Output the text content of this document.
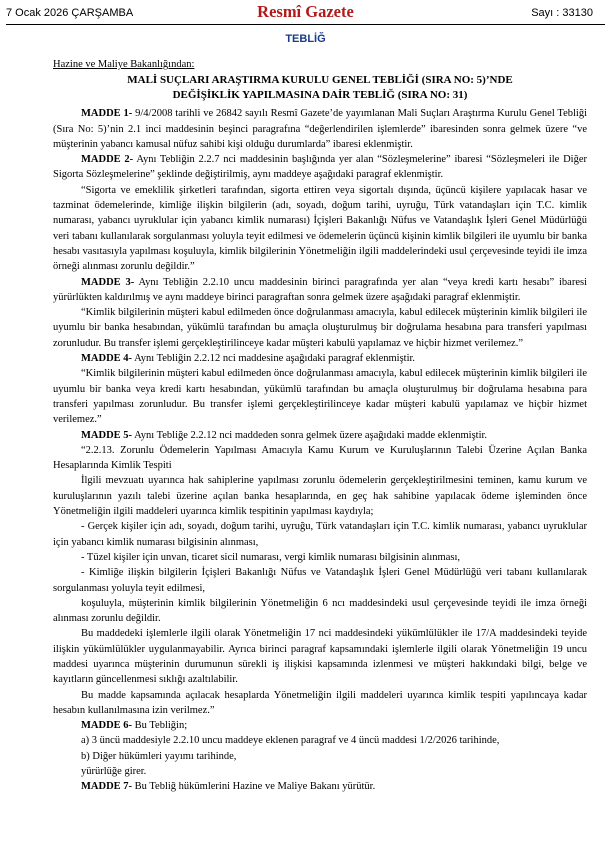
7 Ocak 2026 ÇARŞAMBA	Resmî Gazete	Sayı : 33130
TEBLİĞ

Hazine ve Maliye Bakanlığından:

MALİ SUÇLARI ARAŞTIRMA KURULU GENEL TEBLİĞİ (SIRA NO: 5)’NDE
DEĞİŞİKLİK YAPILMASINA DAİR TEBLİĞ (SIRA NO: 31)

MADDE 1- 9/4/2008 tarihli ve 26842 sayılı Resmî Gazete’de yayımlanan Mali Suçları Araştırma Kurulu Genel Tebliği (Sıra No: 5)’nin 2.1 inci maddesinin beşinci paragrafına “değerlendirilen işlemlerde” ibaresinden sonra gelmek üzere “ve müşterinin yabancı kamusal nüfuz sahibi kişi olduğu durumlarda” ibaresi eklenmiştir.

MADDE 2- Aynı Tebliğin 2.2.7 nci maddesinin başlığında yer alan “Sözleşmelerine” ibaresi “Sözleşmeleri ile Diğer Sigorta Sözleşmelerine” şeklinde değiştirilmiş, aynı maddeye aşağıdaki paragraf eklenmiştir.

“Sigorta ve emeklilik şirketleri tarafından, sigorta ettiren veya sigortalı dışında, üçüncü kişilere yapılacak hasar ve tazminat ödemelerinde, kimliğe ilişkin bilgilerin (adı, soyadı, doğum tarihi, uyruğu, Türk vatandaşları için T.C. kimlik numarası, yabancı uyruklular için yabancı kimlik numarası) İçişleri Bakanlığı Nüfus ve Vatandaşlık İşleri Genel Müdürlüğü veri tabanı kullanılarak sorgulanması yoluyla teyit edilmesi ve ödemelerin üçüncü kişinin kimlik bilgileri ile uyumlu bir banka hesabı vasıtasıyla yapılması koşuluyla, kimlik bilgilerinin Yönetmeliğin ilgili maddelerindeki usul çerçevesinde teyidi ile imza örneği alınması zorunlu değildir.”

MADDE 3- Aynı Tebliğin 2.2.10 uncu maddesinin birinci paragrafında yer alan “veya kredi kartı hesabı” ibaresi yürürlükten kaldırılmış ve aynı maddeye birinci paragraftan sonra gelmek üzere aşağıdaki paragraf eklenmiştir.

“Kimlik bilgilerinin müşteri kabul edilmeden önce doğrulanması amacıyla, kabul edilecek müşterinin kimlik bilgileri ile uyumlu bir banka hesabından, yükümlü tarafından bu amaçla oluşturulmuş bir doğrulama hesabına para transferi yapılması zorunludur. Bu transfer işlemi gerçekleştirilinceye kadar müşteri kabulü yapılamaz ve hiçbir hizmet verilemez.”

MADDE 4- Aynı Tebliğin 2.2.12 nci maddesine aşağıdaki paragraf eklenmiştir.

“Kimlik bilgilerinin müşteri kabul edilmeden önce doğrulanması amacıyla, kabul edilecek müşterinin kimlik bilgileri ile uyumlu bir banka veya kredi kartı hesabından, yükümlü tarafından bu amaçla oluşturulmuş bir doğrulama hesabına para transferi yapılması zorunludur. Bu transfer işlemi gerçekleştirilinceye kadar müşteri kabulü yapılamaz ve hiçbir hizmet verilemez.”

MADDE 5- Aynı Tebliğe 2.2.12 nci maddeden sonra gelmek üzere aşağıdaki madde eklenmiştir.

“2.2.13. Zorunlu Ödemelerin Yapılması Amacıyla Kamu Kurum ve Kuruluşlarının Talebi Üzerine Açılan Banka Hesaplarında Kimlik Tespiti

İlgili mevzuatı uyarınca hak sahiplerine yapılması zorunlu ödemelerin gerçekleştirilmesini teminen, kamu kurum ve kuruluşlarının yazılı talebi üzerine açılan banka hesaplarında, en geç hak sahibine yapılacak ödeme işleminden önce Yönetmeliğin ilgili maddeleri uyarınca kimlik tespitinin yapılması kaydıyla;

- Gerçek kişiler için adı, soyadı, doğum tarihi, uyruğu, Türk vatandaşları için T.C. kimlik numarası, yabancı uyruklular için yabancı kimlik numarası bilgisinin alınması,

- Tüzel kişiler için unvan, ticaret sicil numarası, vergi kimlik numarası bilgisinin alınması,

- Kimliğe ilişkin bilgilerin İçişleri Bakanlığı Nüfus ve Vatandaşlık İşleri Genel Müdürlüğü veri tabanı kullanılarak sorgulanması yoluyla teyit edilmesi,

koşuluyla, müşterinin kimlik bilgilerinin Yönetmeliğin 6 ncı maddesindeki usul çerçevesinde teyidi ile imza örneği alınması zorunlu değildir.

Bu maddedeki işlemlerle ilgili olarak Yönetmeliğin 17 nci maddesindeki yükümlülükler ile 17/A maddesindeki teyide ilişkin yükümlülükler uygulanmayabilir. Ayrıca birinci paragraf kapsamındaki işlemlerle ilgili olarak Yönetmeliğin 19 uncu maddesi uyarınca müşterinin durumunun sürekli iş ilişkisi kapsamında izlenmesi ve müşteri hakkındaki bilgi, belge ve kayıtların güncellenmesi sıklığı azaltılabilir.

Bu madde kapsamında açılacak hesaplarda Yönetmeliğin ilgili maddeleri uyarınca kimlik tespiti yapılıncaya kadar hesabın kullanılmasına izin verilmez.”

MADDE 6- Bu Tebliğin;

a) 3 üncü maddesiyle 2.2.10 uncu maddeye eklenen paragraf ve 4 üncü maddesi 1/2/2026 tarihinde,

b) Diğer hükümleri yayımı tarihinde,

yürürlüğe girer.

MADDE 7- Bu Tebliğ hükümlerini Hazine ve Maliye Bakanı yürütür.
